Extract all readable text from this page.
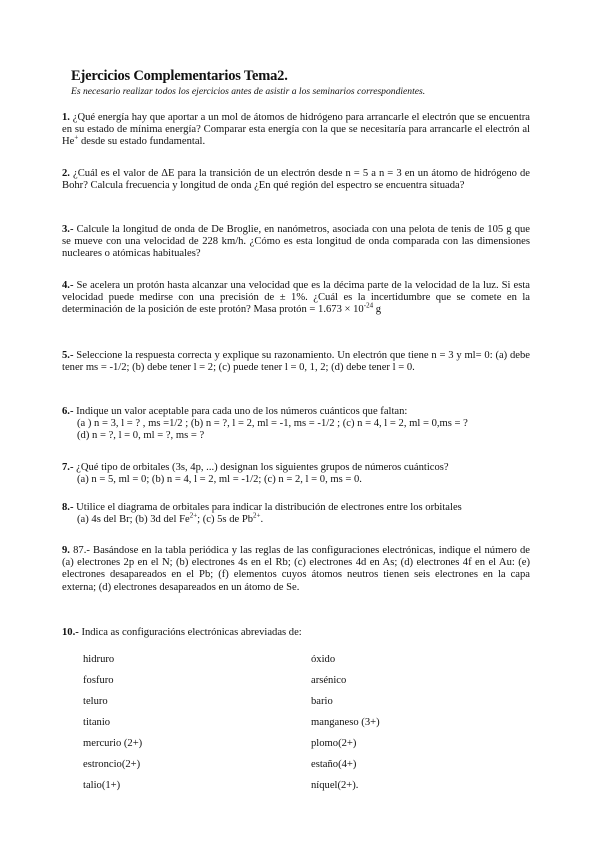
Ejercicios Complementarios Tema2.
Es necesario realizar todos los ejercicios antes de asistir a los seminarios correspondientes.
1. ¿Qué energía hay que aportar a un mol de átomos de hidrógeno para arrancarle el electrón que se encuentra en su estado de mínima energía? Comparar esta energía con la que se necesitaría para arrancarle el electrón al He+ desde su estado fundamental.
2. ¿Cuál es el valor de ΔE para la transición de un electrón desde n = 5 a n = 3 en un átomo de hidrógeno de Bohr? Calcula frecuencia y longitud de onda ¿En qué región del espectro se encuentra situada?
3.- Calcule la longitud de onda de De Broglie, en nanómetros, asociada con una pelota de tenis de 105 g que se mueve con una velocidad de 228 km/h. ¿Cómo es esta longitud de onda comparada con las dimensiones nucleares o atómicas habituales?
4.- Se acelera un protón hasta alcanzar una velocidad que es la décima parte de la velocidad de la luz. Si esta velocidad puede medirse con una precisión de ± 1%. ¿Cuál es la incertidumbre que se comete en la determinación de la posición de este protón? Masa protón = $1.673 \times 10^{-24}$ g
5.- Seleccione la respuesta correcta y explique su razonamiento. Un electrón que tiene n = 3 y ml= 0: (a) debe tener ms = -1/2; (b) debe tener l = 2; (c) puede tener l = 0, 1, 2; (d) debe tener l = 0.
6.- Indique un valor aceptable para cada uno de los números cuánticos que faltan:
(a ) n = 3, l = ? , ms =1/2 ; (b) n = ?, l = 2, ml = -1, ms = -1/2 ; (c) n = 4, l = 2, ml = 0,ms = ?
(d) n = ?, l = 0, ml = ?, ms = ?
7.- ¿Qué tipo de orbitales (3s, 4p, ...) designan los siguientes grupos de números cuánticos?
(a) n = 5, ml = 0; (b) n = 4, l = 2, ml = -1/2; (c) n = 2, l = 0, ms = 0.
8.- Utilice el diagrama de orbitales para indicar la distribución de electrones entre los orbitales
(a) 4s del Br; (b) 3d del $Fe^{2+}$; (c) 5s de $Pb^{2+}$.
9. 87.- Basándose en la tabla periódica y las reglas de las configuraciones electrónicas, indique el número de (a) electrones 2p en el N; (b) electrones 4s en el Rb; (c) electrones 4d en As; (d) electrones 4f en el Au: (e) electrones desapareados en el Pb; (f) elementos cuyos átomos neutros tienen seis electrones en la capa externa; (d) electrones desapareados en un átomo de Se.
10.- Indica as configuracións electrónicas abreviadas de:
hidruro
fosfuro
teluro
titanio
mercurio (2+)
estroncio(2+)
talio(1+)
óxido
arsénico
bario
manganeso (3+)
plomo(2+)
estaño(4+)
níquel(2+).
